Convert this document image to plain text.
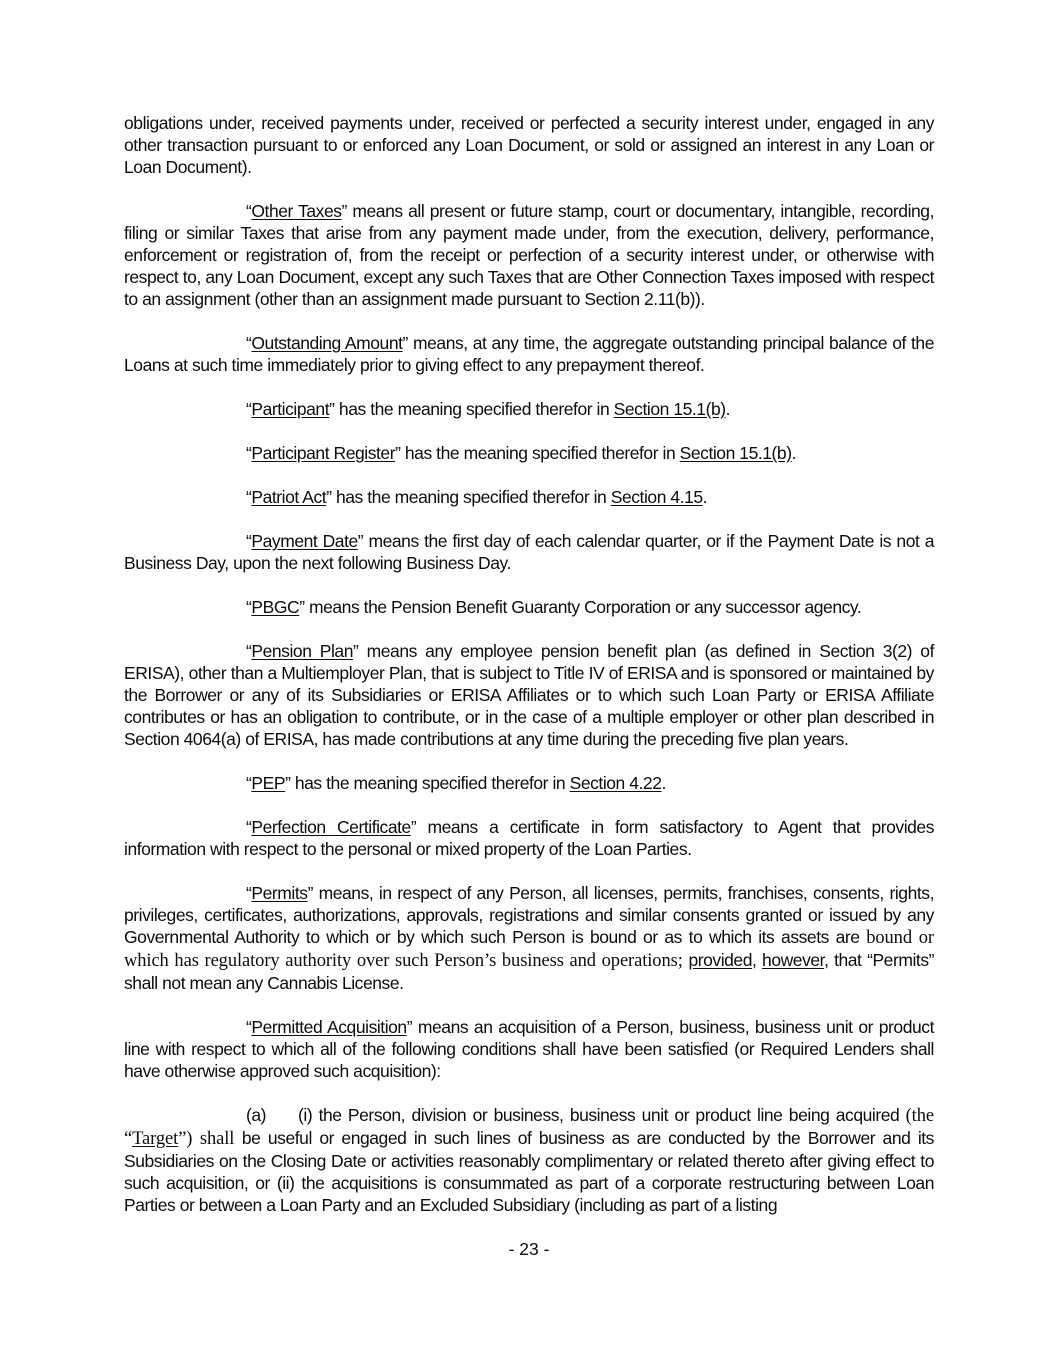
obligations under, received payments under, received or perfected a security interest under, engaged in any other transaction pursuant to or enforced any Loan Document, or sold or assigned an interest in any Loan or Loan Document).

“Other Taxes” means all present or future stamp, court or documentary, intangible, recording, filing or similar Taxes that arise from any payment made under, from the execution, delivery, performance, enforcement or registration of, from the receipt or perfection of a security interest under, or otherwise with respect to, any Loan Document, except any such Taxes that are Other Connection Taxes imposed with respect to an assignment (other than an assignment made pursuant to Section 2.11(b)).

“Outstanding Amount” means, at any time, the aggregate outstanding principal balance of the Loans at such time immediately prior to giving effect to any prepayment thereof.

“Participant” has the meaning specified therefor in Section 15.1(b).

“Participant Register” has the meaning specified therefor in Section 15.1(b).

“Patriot Act” has the meaning specified therefor in Section 4.15.

“Payment Date” means the first day of each calendar quarter, or if the Payment Date is not a Business Day, upon the next following Business Day.

“PBGC” means the Pension Benefit Guaranty Corporation or any successor agency.

“Pension Plan” means any employee pension benefit plan (as defined in Section 3(2) of ERISA), other than a Multiemployer Plan, that is subject to Title IV of ERISA and is sponsored or maintained by the Borrower or any of its Subsidiaries or ERISA Affiliates or to which such Loan Party or ERISA Affiliate contributes or has an obligation to contribute, or in the case of a multiple employer or other plan described in Section 4064(a) of ERISA, has made contributions at any time during the preceding five plan years.

“PEP” has the meaning specified therefor in Section 4.22.

“Perfection Certificate” means a certificate in form satisfactory to Agent that provides information with respect to the personal or mixed property of the Loan Parties.

“Permits” means, in respect of any Person, all licenses, permits, franchises, consents, rights, privileges, certificates, authorizations, approvals, registrations and similar consents granted or issued by any Governmental Authority to which or by which such Person is bound or as to which its assets are bound or which has regulatory authority over such Person’s business and operations; provided, however, that “Permits” shall not mean any Cannabis License.

“Permitted Acquisition” means an acquisition of a Person, business, business unit or product line with respect to which all of the following conditions shall have been satisfied (or Required Lenders shall have otherwise approved such acquisition):

(a) (i) the Person, division or business, business unit or product line being acquired (the “Target”) shall be useful or engaged in such lines of business as are conducted by the Borrower and its Subsidiaries on the Closing Date or activities reasonably complimentary or related thereto after giving effect to such acquisition, or (ii) the acquisitions is consummated as part of a corporate restructuring between Loan Parties or between a Loan Party and an Excluded Subsidiary (including as part of a listing

- 23 -
